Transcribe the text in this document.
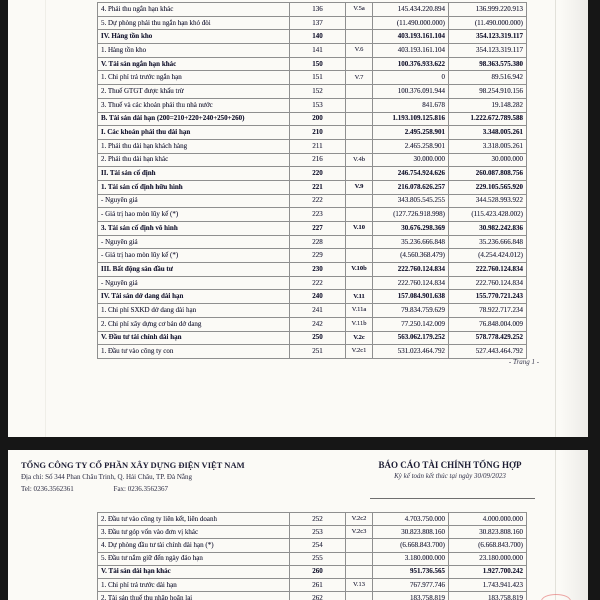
4. Phải thu ngắn hạn khác	136	V.5a	145.434.220.894	136.999.220.913
5. Dự phòng phải thu ngắn hạn khó đòi	137		(11.490.000.000)	(11.490.000.000)
IV. Hàng tồn kho	140		403.193.161.104	354.123.319.117
1. Hàng tồn kho	141	V.6	403.193.161.104	354.123.319.117
V. Tài sản ngắn hạn khác	150		100.376.933.622	98.363.575.380
1. Chi phí trả trước ngắn hạn	151	V.7	0	89.516.942
2. Thuế GTGT được khấu trừ	152		100.376.091.944	98.254.910.156
3. Thuế và các khoản phải thu nhà nước	153		841.678	19.148.282
B. Tài sản dài hạn (200=210+220+240+250+260)	200		1.193.109.125.816	1.222.672.789.588
I. Các khoản phải thu dài hạn	210		2.495.258.901	3.348.005.261
1. Phải thu dài hạn khách hàng	211		2.465.258.901	3.318.005.261
2. Phải thu dài hạn khác	216	V.4b	30.000.000	30.000.000
II. Tài sản cố định	220		246.754.924.626	260.087.808.756
1. Tài sản cố định hữu hình	221	V.9	216.078.626.257	229.105.565.920
- Nguyên giá	222		343.805.545.255	344.528.993.922
- Giá trị hao mòn lũy kế (*)	223		(127.726.918.998)	(115.423.428.002)
3. Tài sản cố định vô hình	227	V.10	30.676.298.369	30.982.242.836
- Nguyên giá	228		35.236.666.848	35.236.666.848
- Giá trị hao mòn lũy kế (*)	229		(4.560.368.479)	(4.254.424.012)
III. Bất động sản đầu tư	230	V.10b	222.760.124.834	222.760.124.834
- Nguyên giá	222		222.760.124.834	222.760.124.834
IV. Tài sản dở dang dài hạn	240	V.11	157.084.901.638	155.770.721.243
1. Chi phí SXKD dở dang dài hạn	241	V.11a	79.834.759.629	78.922.717.234
2. Chi phí xây dựng cơ bản dở dang	242	V.11b	77.250.142.009	76.848.004.009
V. Đầu tư tài chính dài hạn	250	V.2c	563.062.179.252	578.778.429.252
1. Đầu tư vào công ty con	251	V.2c1	531.023.464.792	527.443.464.792
- Trang 1 -
TỔNG CÔNG TY CỔ PHẦN XÂY DỰNG ĐIỆN VIỆT NAM
Địa chỉ: Số 344 Phan Châu Trinh, Q. Hải Châu, TP. Đà Nẵng
Tel: 0236.3562361	Fax: 0236.3562367
BÁO CÁO TÀI CHÍNH TỔNG HỢP
Kỳ kế toán kết thúc tại ngày 30/09/2023
2. Đầu tư vào công ty liên kết, liên doanh	252	V.2c2	4.703.750.000	4.000.000.000
3. Đầu tư góp vốn vào đơn vị khác	253	V.2c3	30.823.808.160	30.823.808.160
4. Dự phòng đầu tư tài chính dài hạn (*)	254		(6.668.843.700)	(6.668.843.700)
5. Đầu tư nắm giữ đến ngày đáo hạn	255		3.180.000.000	23.180.000.000
V. Tài sản dài hạn khác	260		951.736.565	1.927.700.242
1. Chi phí trả trước dài hạn	261	V.13	767.977.746	1.743.941.423
2. Tài sản thuế thu nhập hoãn lại	262		183.758.819	183.758.819
